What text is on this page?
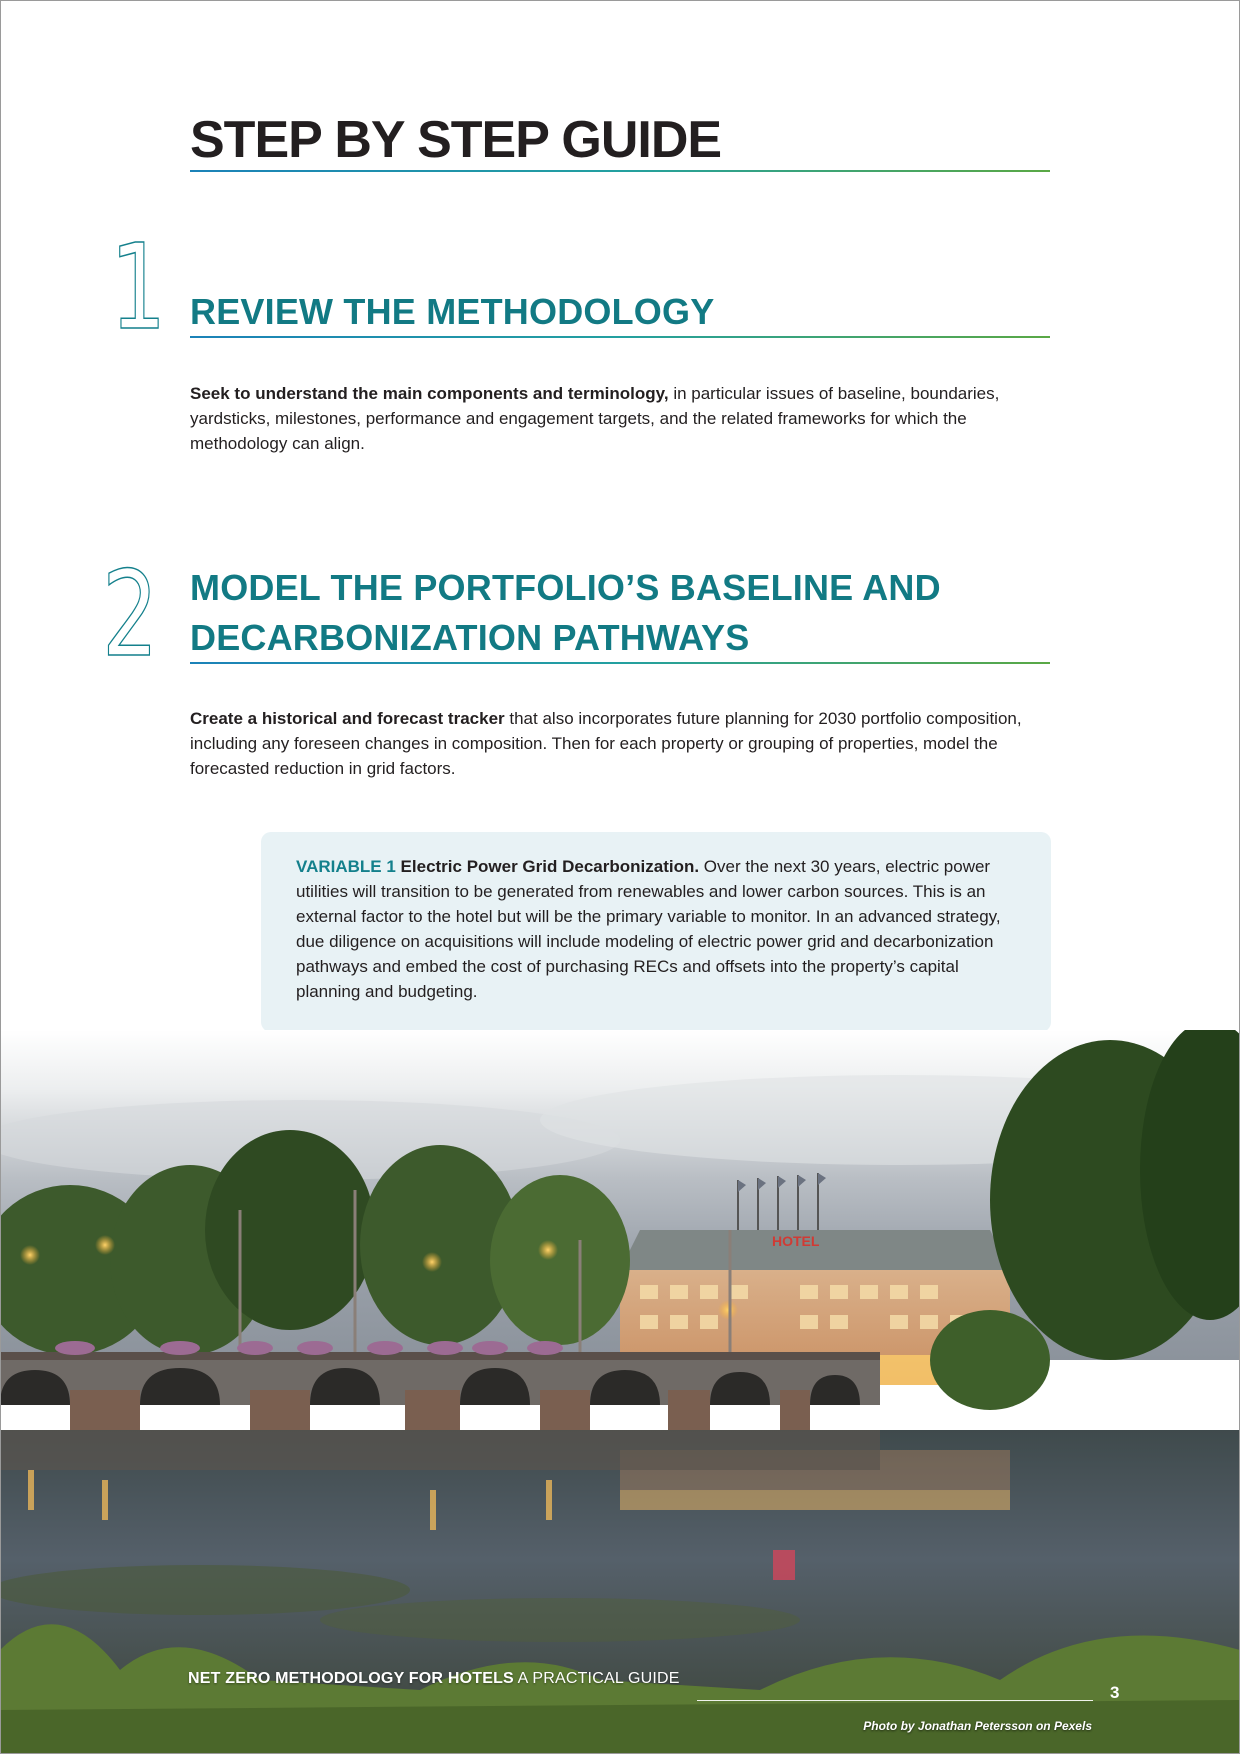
STEP BY STEP GUIDE
1 REVIEW THE METHODOLOGY

Seek to understand the main components and terminology, in particular issues of baseline, boundaries, yardsticks, milestones, performance and engagement targets, and the related frameworks for which the methodology can align.

2 MODEL THE PORTFOLIO’S BASELINE AND
DECARBONIZATION PATHWAYS

Create a historical and forecast tracker that also incorporates future planning for 2030 portfolio composition, including any foreseen changes in composition. Then for each property or grouping of properties, model the forecasted reduction in grid factors.

VARIABLE 1 Electric Power Grid Decarbonization. Over the next 30 years, electric power utilities will transition to be generated from renewables and lower carbon sources. This is an external factor to the hotel but will be the primary variable to monitor. In an advanced strategy, due diligence on acquisitions will include modeling of electric power grid and decarbonization pathways and embed the cost of purchasing RECs and offsets into the property’s capital planning and budgeting.
HOTEL
NET ZERO METHODOLOGY FOR HOTELS A PRACTICAL GUIDE
3
Photo by Jonathan Petersson on Pexels
